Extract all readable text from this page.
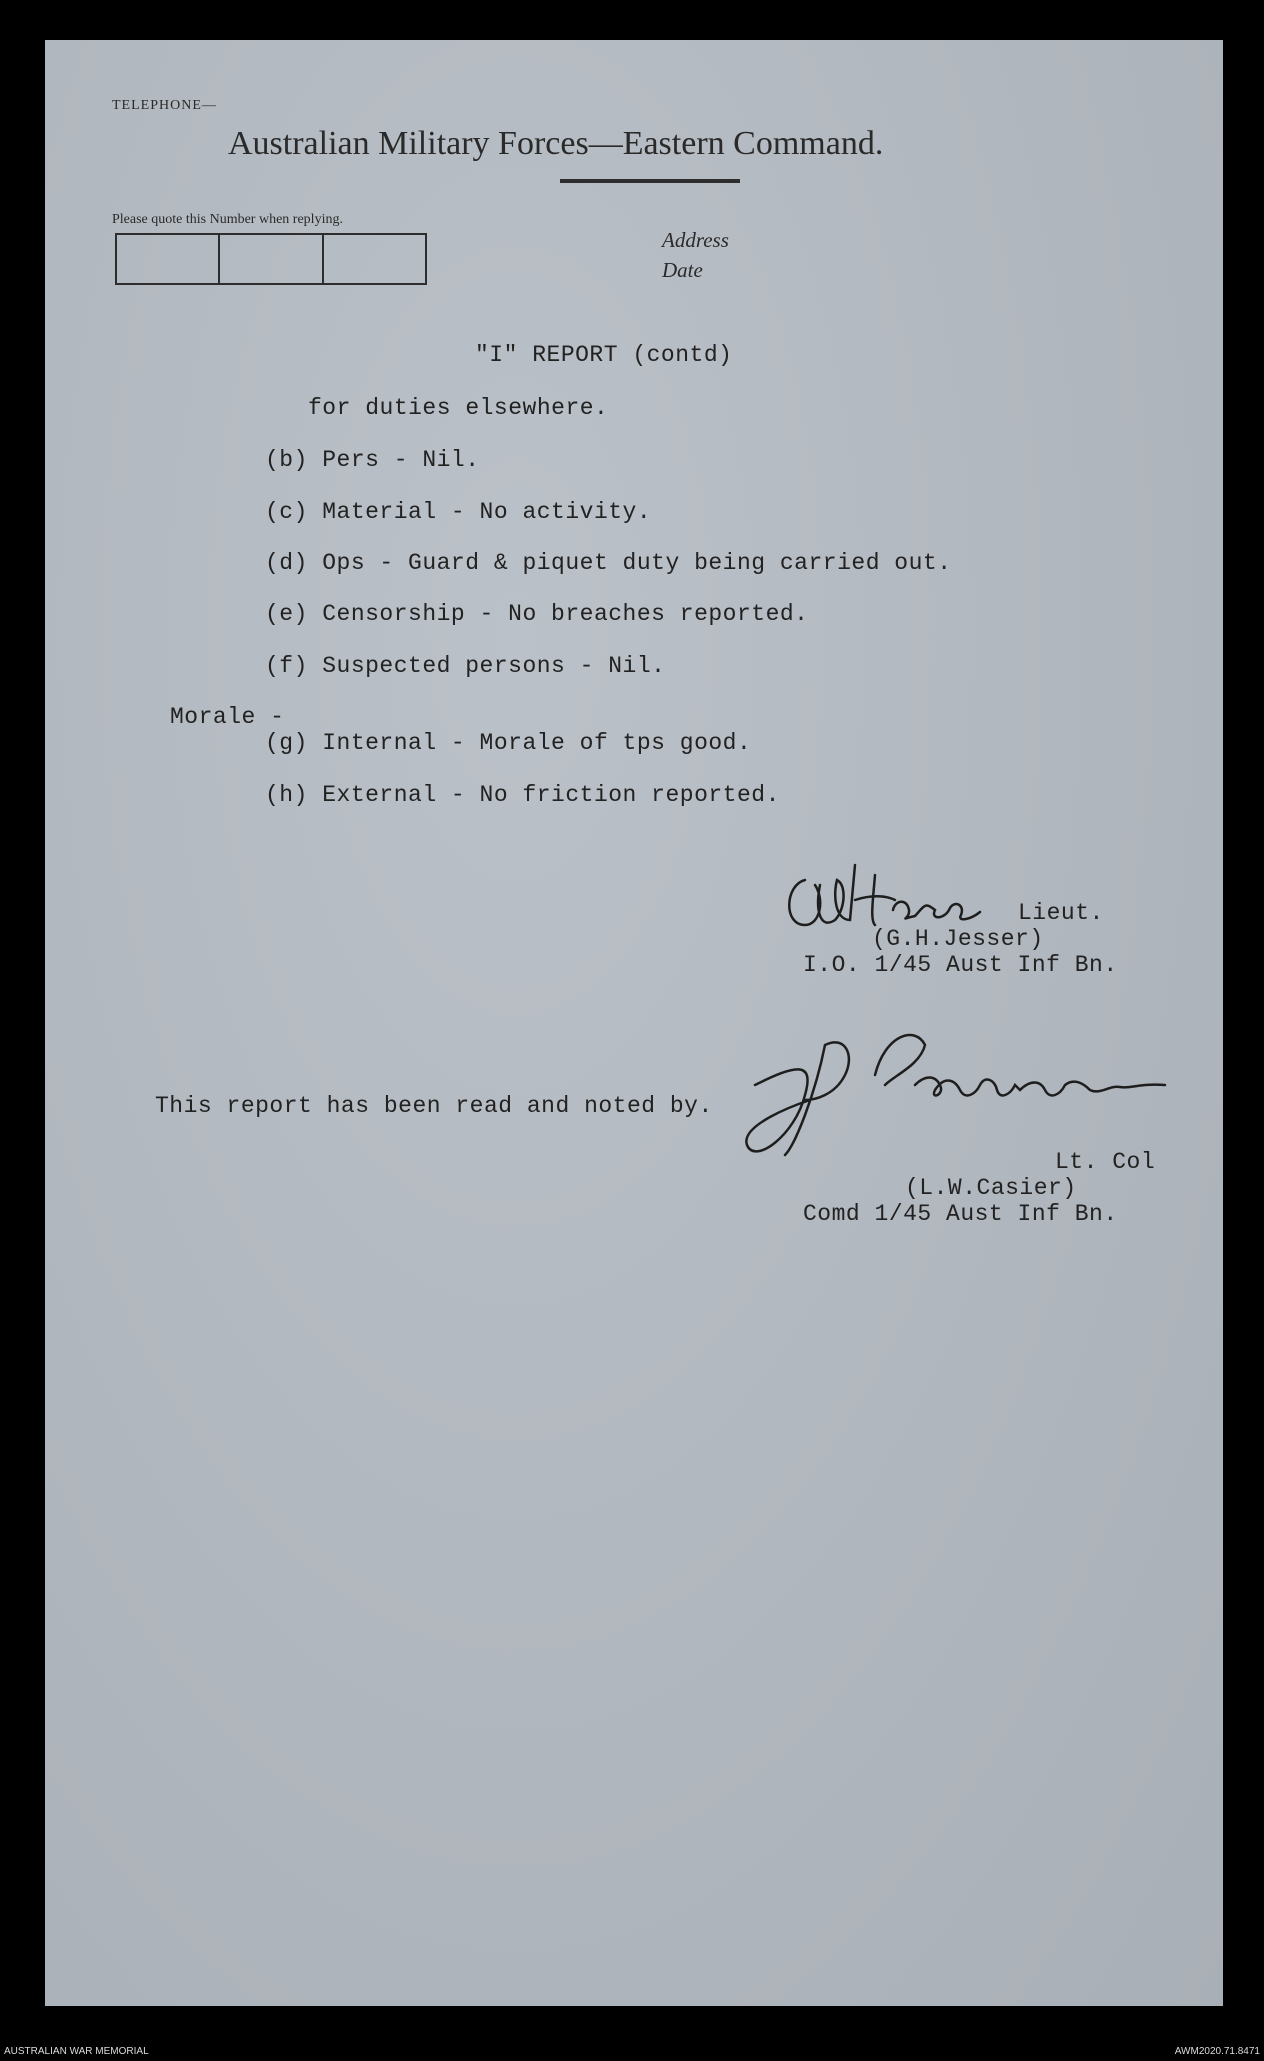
TELEPHONE—
Australian Military Forces—Eastern Command.
Please quote this Number when replying.
Address
Date
"I" REPORT (contd)
for duties elsewhere.
(b) Pers - Nil.
(c) Material - No activity.
(d) Ops - Guard & piquet duty being carried out.
(e) Censorship - No breaches reported.
(f) Suspected persons - Nil.
Morale -
(g) Internal - Morale of tps good.
(h) External - No friction reported.
Lieut.
(G.H.Jesser)
I.O. 1/45 Aust Inf Bn.
This report has been read and noted by.
Lt. Col
(L.W.Casier)
Comd 1/45 Aust Inf Bn.
AUSTRALIAN WAR MEMORIAL	AWM2020.71.8471
